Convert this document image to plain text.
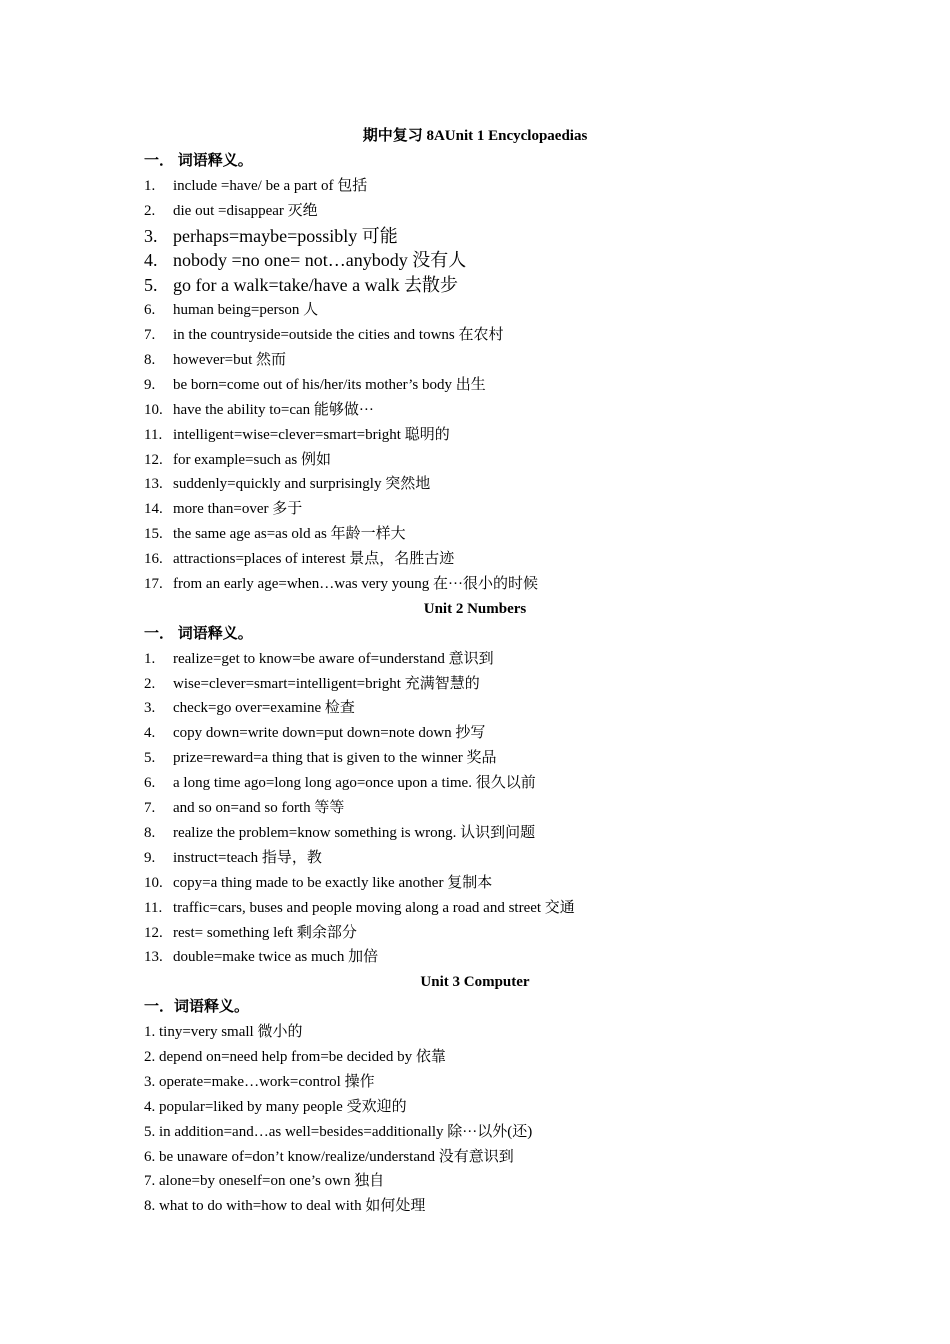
期中复习 8AUnit 1 Encyclopaedias
一． 词语释义。
1. include =have/ be a part of 包括
2. die out =disappear 灭绝
3. perhaps=maybe=possibly 可能
4. nobody =no one= not…anybody 没有人
5. go for a walk=take/have a walk 去散步
6. human being=person 人
7. in the countryside=outside the cities and towns 在农村
8. however=but 然而
9. be born=come out of his/her/its mother’s body 出生
10. have the ability to=can 能够做···
11. intelligent=wise=clever=smart=bright 聪明的
12. for example=such as 例如
13. suddenly=quickly and surprisingly 突然地
14. more than=over 多于
15. the same age as=as old as 年龄一样大
16. attractions=places of interest 景点，名胜古迹
17. from an early age=when…was very young 在···很小的时候
Unit 2 Numbers
一． 词语释义。
1. realize=get to know=be aware of=understand 意识到
2. wise=clever=smart=intelligent=bright 充满智慧的
3. check=go over=examine 检查
4. copy down=write down=put down=note down 抄写
5. prize=reward=a thing that is given to the winner 奖品
6. a long time ago=long long ago=once upon a time. 很久以前
7. and so on=and so forth 等等
8. realize the problem=know something is wrong. 认识到问题
9. instruct=teach 指导，教
10. copy=a thing made to be exactly like another 复制本
11. traffic=cars, buses and people moving along a road and street 交通
12. rest= something left 剩余部分
13. double=make twice as much 加倍
Unit 3 Computer
一．词语释义。
1. tiny=very small 微小的
2. depend on=need help from=be decided by 依靠
3. operate=make…work=control 操作
4. popular=liked by many people 受欢迎的
5. in addition=and…as well=besides=additionally 除···以外(还)
6. be unaware of=don’t know/realize/understand 没有意识到
7. alone=by oneself=on one’s own 独自
8. what to do with=how to deal with 如何处理
